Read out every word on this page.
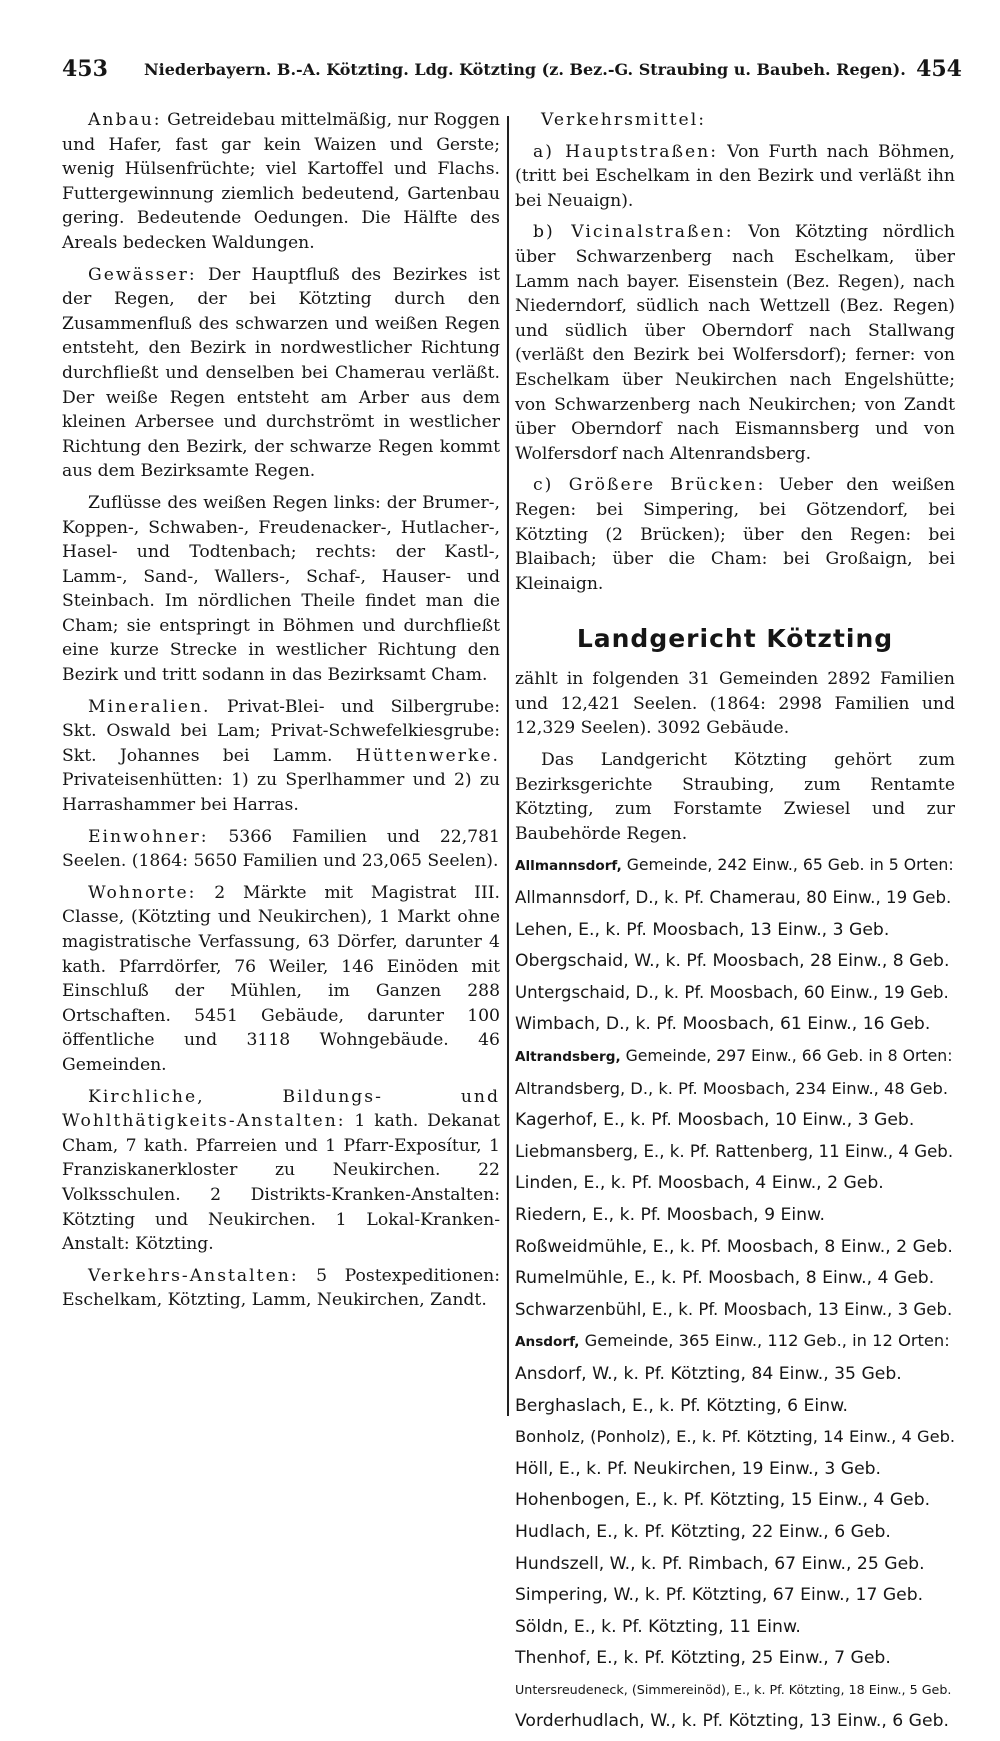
453 Niederbayern. B.-A. Kötzting. Ldg. Kötzting (z. Bez.-G. Straubing u. Baubeh. Regen). 454

Anbau: Getreidebau mittelmäßig, nur Roggen und Hafer, fast gar kein Waizen und Gerste; wenig Hülsenfrüchte; viel Kartoffel und Flachs. Futtergewinnung ziemlich bedeutend, Gartenbau gering. Bedeutende Oedungen. Die Hälfte des Areals bedecken Waldungen.

Gewässer: Der Hauptfluß des Bezirkes ist der Regen, der bei Kötzting durch den Zusammenfluß des schwarzen und weißen Regen entsteht, den Bezirk in nordwestlicher Richtung durchfließt und denselben bei Chamerau verläßt. Der weiße Regen entsteht am Arber aus dem kleinen Arbersee und durchströmt in westlicher Richtung den Bezirk, der schwarze Regen kommt aus dem Bezirksamte Regen.

Zuflüsse des weißen Regen links: der Brumer-, Koppen-, Schwaben-, Freudenacker-, Hutlacher-, Hasel- und Todtenbach; rechts: der Kastl-, Lamm-, Sand-, Wallers-, Schaf-, Hauser- und Steinbach. Im nördlichen Theile findet man die Cham; sie entspringt in Böhmen und durchfließt eine kurze Strecke in westlicher Richtung den Bezirk und tritt sodann in das Bezirksamt Cham.

Mineralien. Privat-Blei- und Silbergrube: Skt. Oswald bei Lam; Privat-Schwefelkiesgrube: Skt. Johannes bei Lamm. Hüttenwerke. Privateisenhütten: 1) zu Sperlhammer und 2) zu Harrashammer bei Harras.

Einwohner: 5366 Familien und 22,781 Seelen. (1864: 5650 Familien und 23,065 Seelen).

Wohnorte: 2 Märkte mit Magistrat III. Classe, (Kötzting und Neukirchen), 1 Markt ohne magistratische Verfassung, 63 Dörfer, darunter 4 kath. Pfarrdörfer, 76 Weiler, 146 Einöden mit Einschluß der Mühlen, im Ganzen 288 Ortschaften. 5451 Gebäude, darunter 100 öffentliche und 3118 Wohngebäude. 46 Gemeinden.

Kirchliche, Bildungs- und Wohlthätigkeits-Anstalten: 1 kath. Dekanat Cham, 7 kath. Pfarreien und 1 Pfarr-Exposítur, 1 Franziskanerkloster zu Neukirchen. 22 Volksschulen. 2 Distrikts-Kranken-Anstalten: Kötzting und Neukirchen. 1 Lokal-Kranken-Anstalt: Kötzting.

Verkehrs-Anstalten: 5 Postexpeditionen: Eschelkam, Kötzting, Lamm, Neukirchen, Zandt.

Verkehrsmittel:

a) Hauptstraßen: Von Furth nach Böhmen, (tritt bei Eschelkam in den Bezirk und verläßt ihn bei Neuaign).

b) Vicinalstraßen: Von Kötzting nördlich über Schwarzenberg nach Eschelkam, über Lamm nach bayer. Eisenstein (Bez. Regen), nach Niederndorf, südlich nach Wettzell (Bez. Regen) und südlich über Oberndorf nach Stallwang (verläßt den Bezirk bei Wolfersdorf); ferner: von Eschelkam über Neukirchen nach Engelshütte; von Schwarzenberg nach Neukirchen; von Zandt über Oberndorf nach Eismannsberg und von Wolfersdorf nach Altenrandsberg.

c) Größere Brücken: Ueber den weißen Regen: bei Simpering, bei Götzendorf, bei Kötzting (2 Brücken); über den Regen: bei Blaibach; über die Cham: bei Großaign, bei Kleinaign.

Landgericht Kötzting

zählt in folgenden 31 Gemeinden 2892 Familien und 12,421 Seelen. (1864: 2998 Familien und 12,329 Seelen). 3092 Gebäude.

Das Landgericht Kötzting gehört zum Bezirksgerichte Straubing, zum Rentamte Kötzting, zum Forstamte Zwiesel und zur Baubehörde Regen.

Allmannsdorf, Gemeinde, 242 Einw., 65 Geb. in 5 Orten:

Allmannsdorf, D., k. Pf. Chamerau, 80 Einw., 19 Geb.

Lehen, E., k. Pf. Moosbach, 13 Einw., 3 Geb.

Obergschaid, W., k. Pf. Moosbach, 28 Einw., 8 Geb.

Untergschaid, D., k. Pf. Moosbach, 60 Einw., 19 Geb.

Wimbach, D., k. Pf. Moosbach, 61 Einw., 16 Geb.

Altrandsberg, Gemeinde, 297 Einw., 66 Geb. in 8 Orten:

Altrandsberg, D., k. Pf. Moosbach, 234 Einw., 48 Geb.

Kagerhof, E., k. Pf. Moosbach, 10 Einw., 3 Geb.

Liebmansberg, E., k. Pf. Rattenberg, 11 Einw., 4 Geb.

Linden, E., k. Pf. Moosbach, 4 Einw., 2 Geb.

Riedern, E., k. Pf. Moosbach, 9 Einw.

Roßweidmühle, E., k. Pf. Moosbach, 8 Einw., 2 Geb.

Rumelmühle, E., k. Pf. Moosbach, 8 Einw., 4 Geb.

Schwarzenbühl, E., k. Pf. Moosbach, 13 Einw., 3 Geb.

Ansdorf, Gemeinde, 365 Einw., 112 Geb., in 12 Orten:

Ansdorf, W., k. Pf. Kötzting, 84 Einw., 35 Geb.

Berghaslach, E., k. Pf. Kötzting, 6 Einw.

Bonholz, (Ponholz), E., k. Pf. Kötzting, 14 Einw., 4 Geb.

Höll, E., k. Pf. Neukirchen, 19 Einw., 3 Geb.

Hohenbogen, E., k. Pf. Kötzting, 15 Einw., 4 Geb.

Hudlach, E., k. Pf. Kötzting, 22 Einw., 6 Geb.

Hundszell, W., k. Pf. Rimbach, 67 Einw., 25 Geb.

Simpering, W., k. Pf. Kötzting, 67 Einw., 17 Geb.

Söldn, E., k. Pf. Kötzting, 11 Einw.

Thenhof, E., k. Pf. Kötzting, 25 Einw., 7 Geb.

Untersreudeneck, (Simmereinöd), E., k. Pf. Kötzting, 18 Einw., 5 Geb.

Vorderhudlach, W., k. Pf. Kötzting, 13 Einw., 6 Geb.
